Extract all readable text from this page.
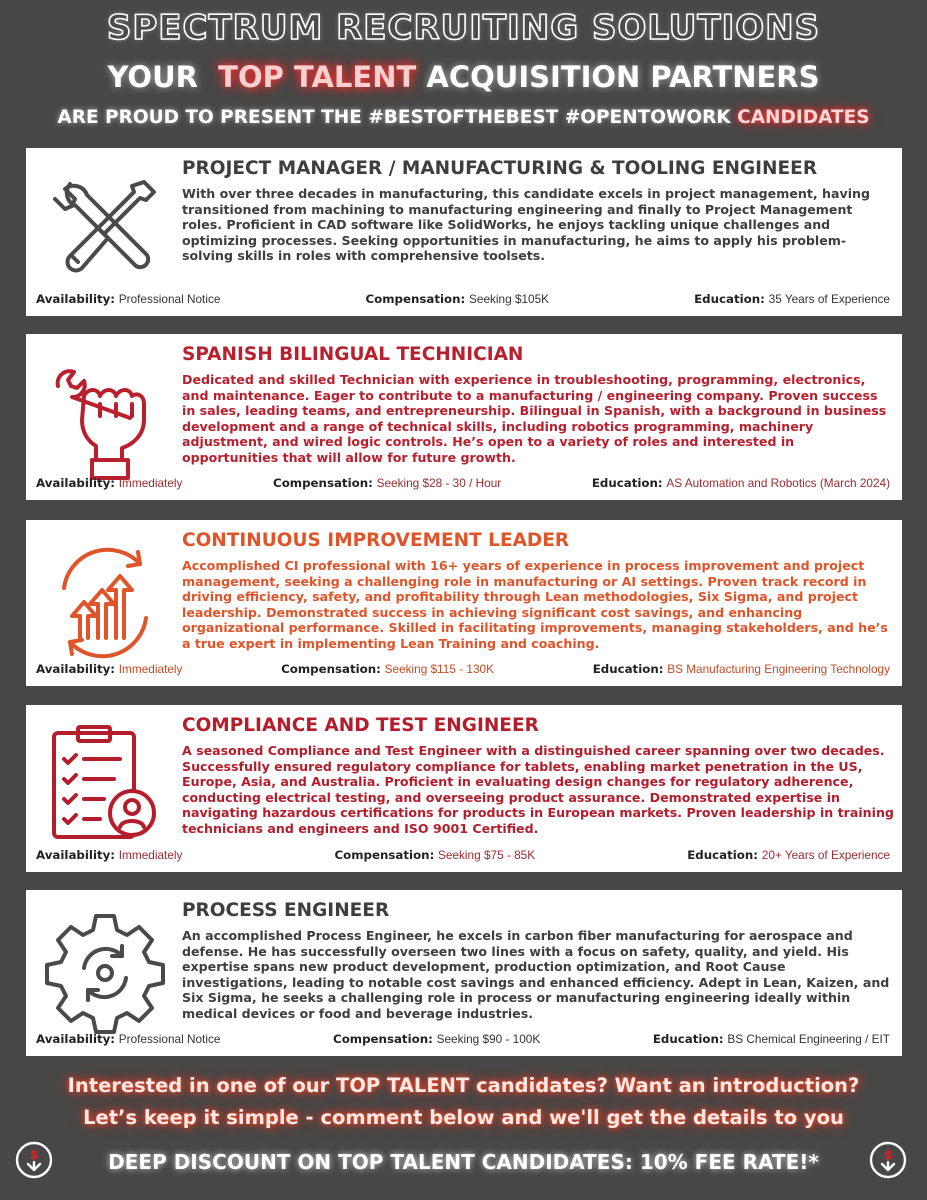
SPECTRUM RECRUITING SOLUTIONS
YOUR TOP TALENT ACQUISITION PARTNERS
ARE PROUD TO PRESENT THE #BESTOFTHEBEST #OPENTOWORK CANDIDATES
PROJECT MANAGER / MANUFACTURING & TOOLING ENGINEER
With over three decades in manufacturing, this candidate excels in project management, having transitioned from machining to manufacturing engineering and finally to Project Management roles. Proficient in CAD software like SolidWorks, he enjoys tackling unique challenges and optimizing processes. Seeking opportunities in manufacturing, he aims to apply his problem-solving skills in roles with comprehensive toolsets.
Availability: Professional Notice	Compensation: Seeking $105K	Education: 35 Years of Experience
SPANISH BILINGUAL TECHNICIAN
Dedicated and skilled Technician with experience in troubleshooting, programming, electronics, and maintenance. Eager to contribute to a manufacturing / engineering company. Proven success in sales, leading teams, and entrepreneurship. Bilingual in Spanish, with a background in business development and a range of technical skills, including robotics programming, machinery adjustment, and wired logic controls. He’s open to a variety of roles and interested in opportunities that will allow for future growth.
Availability: Immediately	Compensation: Seeking $28 - 30 / Hour	Education: AS Automation and Robotics (March 2024)
CONTINUOUS IMPROVEMENT LEADER
Accomplished CI professional with 16+ years of experience in process improvement and project management, seeking a challenging role in manufacturing or AI settings. Proven track record in driving efficiency, safety, and profitability through Lean methodologies, Six Sigma, and project leadership. Demonstrated success in achieving significant cost savings, and enhancing organizational performance. Skilled in facilitating improvements, managing stakeholders, and he’s a true expert in implementing Lean Training and coaching.
Availability: Immediately	Compensation: Seeking $115 - 130K	Education: BS Manufacturing Engineering Technology
COMPLIANCE AND TEST ENGINEER
A seasoned Compliance and Test Engineer with a distinguished career spanning over two decades. Successfully ensured regulatory compliance for tablets, enabling market penetration in the US, Europe, Asia, and Australia. Proficient in evaluating design changes for regulatory adherence, conducting electrical testing, and overseeing product assurance. Demonstrated expertise in navigating hazardous certifications for products in European markets. Proven leadership in training technicians and engineers and ISO 9001 Certified.
Availability: Immediately	Compensation: Seeking $75 - 85K	Education: 20+ Years of Experience
PROCESS ENGINEER
An accomplished Process Engineer, he excels in carbon fiber manufacturing for aerospace and defense. He has successfully overseen two lines with a focus on safety, quality, and yield. His expertise spans new product development, production optimization, and Root Cause investigations, leading to notable cost savings and enhanced efficiency. Adept in Lean, Kaizen, and Six Sigma, he seeks a challenging role in process or manufacturing engineering ideally within medical devices or food and beverage industries.
Availability: Professional Notice	Compensation: Seeking $90 - 100K	Education: BS Chemical Engineering / EIT
Interested in one of our TOP TALENT candidates? Want an introduction?
Let’s keep it simple - comment below and we'll get the details to you
$	DEEP DISCOUNT ON TOP TALENT CANDIDATES: 10% FEE RATE!*	$
